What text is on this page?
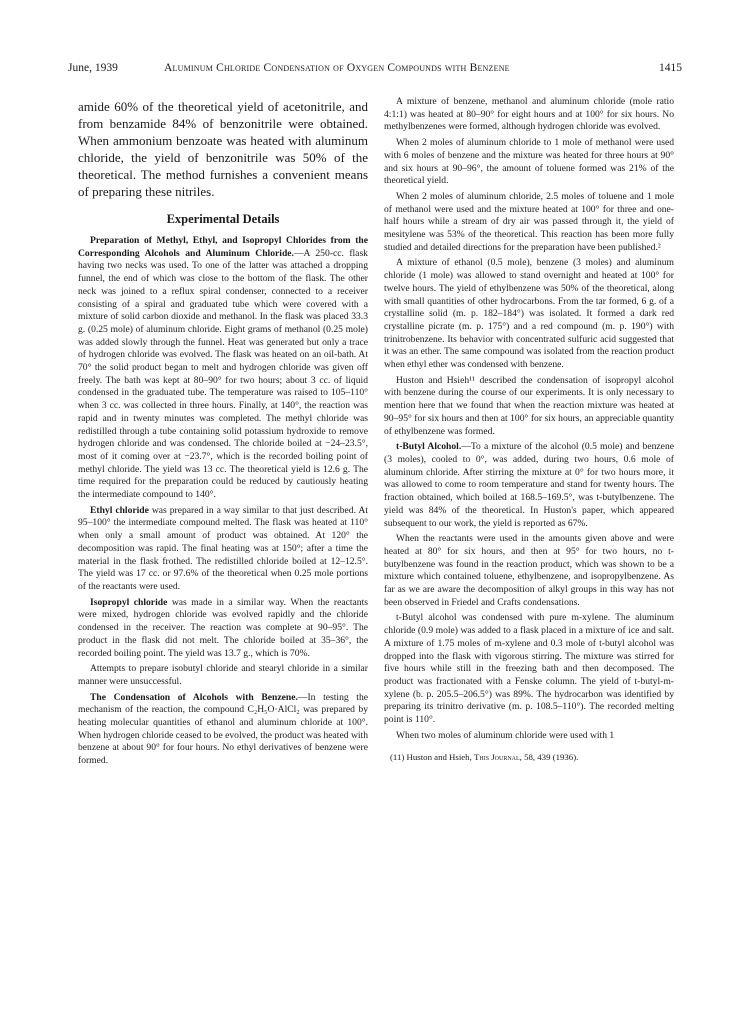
June, 1939	Aluminum Chloride Condensation of Oxygen Compounds with Benzene	1415

amide 60% of the theoretical yield of acetonitrile, and from benzamide 84% of benzonitrile were obtained. When ammonium benzoate was heated with aluminum chloride, the yield of benzonitrile was 50% of the theoretical. The method furnishes a convenient means of preparing these nitriles.

Experimental Details

Preparation of Methyl, Ethyl, and Isopropyl Chlorides from the Corresponding Alcohols and Aluminum Chloride.—A 250-cc. flask having two necks was used. To one of the latter was attached a dropping funnel, the end of which was close to the bottom of the flask. The other neck was joined to a reflux spiral condenser, connected to a receiver consisting of a spiral and graduated tube which were covered with a mixture of solid carbon dioxide and methanol. In the flask was placed 33.3 g. (0.25 mole) of aluminum chloride. Eight grams of methanol (0.25 mole) was added slowly through the funnel. Heat was generated but only a trace of hydrogen chloride was evolved. The flask was heated on an oil-bath. At 70° the solid product began to melt and hydrogen chloride was given off freely. The bath was kept at 80–90° for two hours; about 3 cc. of liquid condensed in the graduated tube. The temperature was raised to 105–110° when 3 cc. was collected in three hours. Finally, at 140°, the reaction was rapid and in twenty minutes was completed. The methyl chloride was redistilled through a tube containing solid potassium hydroxide to remove hydrogen chloride and was condensed. The chloride boiled at −24–23.5°, most of it coming over at −23.7°, which is the recorded boiling point of methyl chloride. The yield was 13 cc. The theoretical yield is 12.6 g. The time required for the preparation could be reduced by cautiously heating the intermediate compound to 140°.

Ethyl chloride was prepared in a way similar to that just described. At 95–100° the intermediate compound melted. The flask was heated at 110° when only a small amount of product was obtained. At 120° the decomposition was rapid. The final heating was at 150°; after a time the material in the flask frothed. The redistilled chloride boiled at 12–12.5°. The yield was 17 cc. or 97.6% of the theoretical when 0.25 mole portions of the reactants were used.

Isopropyl chloride was made in a similar way. When the reactants were mixed, hydrogen chloride was evolved rapidly and the chloride condensed in the receiver. The reaction was complete at 90–95°. The product in the flask did not melt. The chloride boiled at 35–36°, the recorded boiling point. The yield was 13.7 g., which is 70%.

Attempts to prepare isobutyl chloride and stearyl chloride in a similar manner were unsuccessful.

The Condensation of Alcohols with Benzene.—In testing the mechanism of the reaction, the compound C₂H₅O·AlCl₂ was prepared by heating molecular quantities of ethanol and aluminum chloride at 100°. When hydrogen chloride ceased to be evolved, the product was heated with benzene at about 90° for four hours. No ethyl derivatives of benzene were formed.

A mixture of benzene, methanol and aluminum chloride (mole ratio 4:1:1) was heated at 80–90° for eight hours and at 100° for six hours. No methylbenzenes were formed, although hydrogen chloride was evolved.

When 2 moles of aluminum chloride to 1 mole of methanol were used with 6 moles of benzene and the mixture was heated for three hours at 90° and six hours at 90–96°, the amount of toluene formed was 21% of the theoretical yield.

When 2 moles of aluminum chloride, 2.5 moles of toluene and 1 mole of methanol were used and the mixture heated at 100° for three and one-half hours while a stream of dry air was passed through it, the yield of mesitylene was 53% of the theoretical. This reaction has been more fully studied and detailed directions for the preparation have been published.²

A mixture of ethanol (0.5 mole), benzene (3 moles) and aluminum chloride (1 mole) was allowed to stand overnight and heated at 100° for twelve hours. The yield of ethylbenzene was 50% of the theoretical, along with small quantities of other hydrocarbons. From the tar formed, 6 g. of a crystalline solid (m. p. 182–184°) was isolated. It formed a dark red crystalline picrate (m. p. 175°) and a red compound (m. p. 190°) with trinitrobenzene. Its behavior with concentrated sulfuric acid suggested that it was an ether. The same compound was isolated from the reaction product when ethyl ether was condensed with benzene.

Huston and Hsieh¹¹ described the condensation of isopropyl alcohol with benzene during the course of our experiments. It is only necessary to mention here that we found that when the reaction mixture was heated at 90–95° for six hours and then at 100° for six hours, an appreciable quantity of ethylbenzene was formed.

t-Butyl Alcohol.—To a mixture of the alcohol (0.5 mole) and benzene (3 moles), cooled to 0°, was added, during two hours, 0.6 mole of aluminum chloride. After stirring the mixture at 0° for two hours more, it was allowed to come to room temperature and stand for twenty hours. The fraction obtained, which boiled at 168.5–169.5°, was t-butylbenzene. The yield was 84% of the theoretical. In Huston's paper, which appeared subsequent to our work, the yield is reported as 67%.

When the reactants were used in the amounts given above and were heated at 80° for six hours, and then at 95° for two hours, no t-butylbenzene was found in the reaction product, which was shown to be a mixture which contained toluene, ethylbenzene, and isopropylbenzene. As far as we are aware the decomposition of alkyl groups in this way has not been observed in Friedel and Crafts condensations.

t-Butyl alcohol was condensed with pure m-xylene. The aluminum chloride (0.9 mole) was added to a flask placed in a mixture of ice and salt. A mixture of 1.75 moles of m-xylene and 0.3 mole of t-butyl alcohol was dropped into the flask with vigorous stirring. The mixture was stirred for five hours while still in the freezing bath and then decomposed. The product was fractionated with a Fenske column. The yield of t-butyl-m-xylene (b. p. 205.5–206.5°) was 89%. The hydrocarbon was identified by preparing its trinitro derivative (m. p. 108.5–110°). The recorded melting point is 110°.

When two moles of aluminum chloride were used with 1

(11) Huston and Hsieh, This Journal, 58, 439 (1936).
